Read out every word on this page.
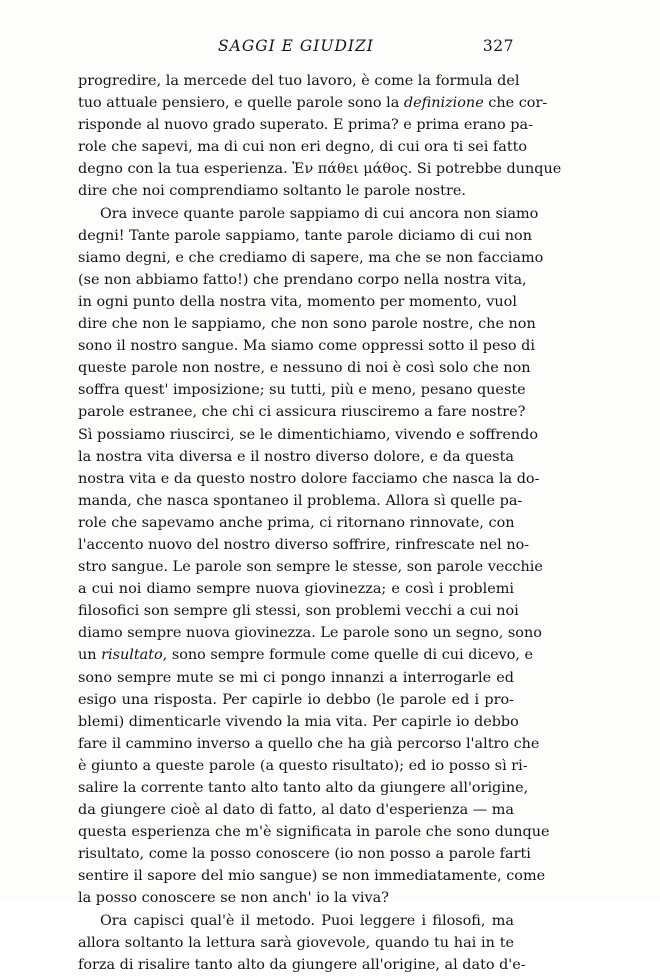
SAGGI E GIUDIZI	327
progredire, la mercede del tuo lavoro, è come la formula del
tuo attuale pensiero, e quelle parole sono la definizione che cor-
risponde al nuovo grado superato. E prima? e prima erano pa-
role che sapevi, ma di cui non eri degno, di cui ora ti sei fatto
degno con la tua esperienza. Ἐν πάθει μάθος. Si potrebbe dunque
dire che noi comprendiamo soltanto le parole nostre.
Ora invece quante parole sappiamo di cui ancora non siamo
degni! Tante parole sappiamo, tante parole diciamo di cui non
siamo degni, e che crediamo di sapere, ma che se non facciamo
(se non abbiamo fatto!) che prendano corpo nella nostra vita,
in ogni punto della nostra vita, momento per momento, vuol
dire che non le sappiamo, che non sono parole nostre, che non
sono il nostro sangue. Ma siamo come oppressi sotto il peso di
queste parole non nostre, e nessuno di noi è così solo che non
soffra quest' imposizione; su tutti, più e meno, pesano queste
parole estranee, che chi ci assicura riusciremo a fare nostre?
Sì possiamo riuscirci, se le dimentichiamo, vivendo e soffrendo
la nostra vita diversa e il nostro diverso dolore, e da questa
nostra vita e da questo nostro dolore facciamo che nasca la do-
manda, che nasca spontaneo il problema. Allora sì quelle pa-
role che sapevamo anche prima, ci ritornano rinnovate, con
l'accento nuovo del nostro diverso soffrire, rinfrescate nel no-
stro sangue. Le parole son sempre le stesse, son parole vecchie
a cui noi diamo sempre nuova giovinezza; e così i problemi
filosofici son sempre gli stessi, son problemi vecchi a cui noi
diamo sempre nuova giovinezza. Le parole sono un segno, sono
un risultato, sono sempre formule come quelle di cui dicevo, e
sono sempre mute se mi ci pongo innanzi a interrogarle ed
esigo una risposta. Per capirle io debbo (le parole ed i pro-
blemi) dimenticarle vivendo la mia vita. Per capirle io debbo
fare il cammino inverso a quello che ha già percorso l'altro che
è giunto a queste parole (a questo risultato); ed io posso sì ri-
salire la corrente tanto alto tanto alto da giungere all'origine,
da giungere cioè al dato di fatto, al dato d'esperienza — ma
questa esperienza che m'è significata in parole che sono dunque
risultato, come la posso conoscere (io non posso a parole farti
sentire il sapore del mio sangue) se non immediatamente, come
la posso conoscere se non anch' io la viva?
Ora capisci qual'è il metodo. Puoi leggere i filosofi, ma
allora soltanto la lettura sarà giovevole, quando tu hai in te
forza di risalire tanto alto da giungere all'origine, al dato d'e-
